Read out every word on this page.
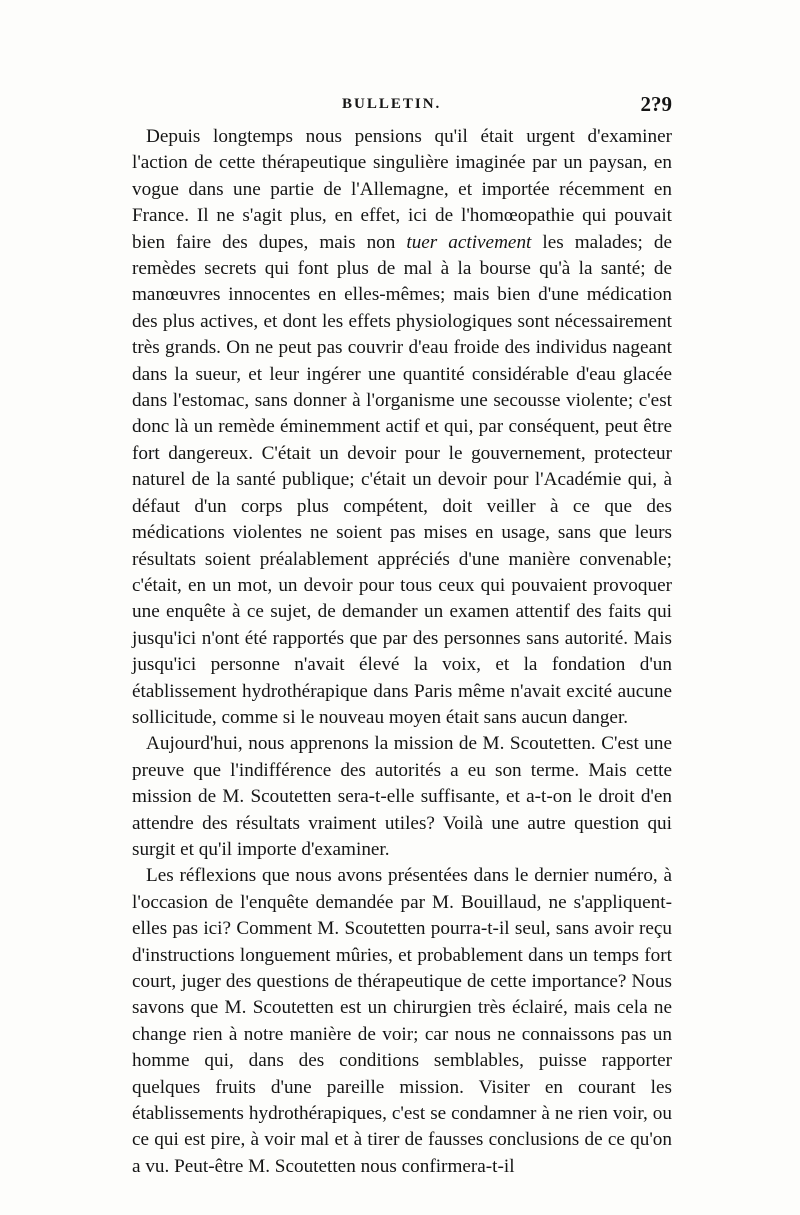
BULLETIN.	2?9

Depuis longtemps nous pensions qu'il était urgent d'examiner l'action de cette thérapeutique singulière imaginée par un paysan, en vogue dans une partie de l'Allemagne, et importée récemment en France. Il ne s'agit plus, en effet, ici de l'homœopathie qui pouvait bien faire des dupes, mais non tuer activement les malades; de remèdes secrets qui font plus de mal à la bourse qu'à la santé; de manœuvres innocentes en elles-mêmes; mais bien d'une médication des plus actives, et dont les effets physiologiques sont nécessairement très grands. On ne peut pas couvrir d'eau froide des individus nageant dans la sueur, et leur ingérer une quantité considérable d'eau glacée dans l'estomac, sans donner à l'organisme une secousse violente; c'est donc là un remède éminemment actif et qui, par conséquent, peut être fort dangereux. C'était un devoir pour le gouvernement, protecteur naturel de la santé publique; c'était un devoir pour l'Académie qui, à défaut d'un corps plus compétent, doit veiller à ce que des médications violentes ne soient pas mises en usage, sans que leurs résultats soient préalablement appréciés d'une manière convenable; c'était, en un mot, un devoir pour tous ceux qui pouvaient provoquer une enquête à ce sujet, de demander un examen attentif des faits qui jusqu'ici n'ont été rapportés que par des personnes sans autorité. Mais jusqu'ici personne n'avait élevé la voix, et la fondation d'un établissement hydrothérapique dans Paris même n'avait excité aucune sollicitude, comme si le nouveau moyen était sans aucun danger.

Aujourd'hui, nous apprenons la mission de M. Scoutetten. C'est une preuve que l'indifférence des autorités a eu son terme. Mais cette mission de M. Scoutetten sera-t-elle suffisante, et a-t-on le droit d'en attendre des résultats vraiment utiles? Voilà une autre question qui surgit et qu'il importe d'examiner.

Les réflexions que nous avons présentées dans le dernier numéro, à l'occasion de l'enquête demandée par M. Bouillaud, ne s'appliquent-elles pas ici? Comment M. Scoutetten pourra-t-il seul, sans avoir reçu d'instructions longuement mûries, et probablement dans un temps fort court, juger des questions de thérapeutique de cette importance? Nous savons que M. Scoutetten est un chirurgien très éclairé, mais cela ne change rien à notre manière de voir; car nous ne connaissons pas un homme qui, dans des conditions semblables, puisse rapporter quelques fruits d'une pareille mission. Visiter en courant les établissements hydrothérapiques, c'est se condamner à ne rien voir, ou ce qui est pire, à voir mal et à tirer de fausses conclusions de ce qu'on a vu. Peut-être M. Scoutetten nous confirmera-t-il
